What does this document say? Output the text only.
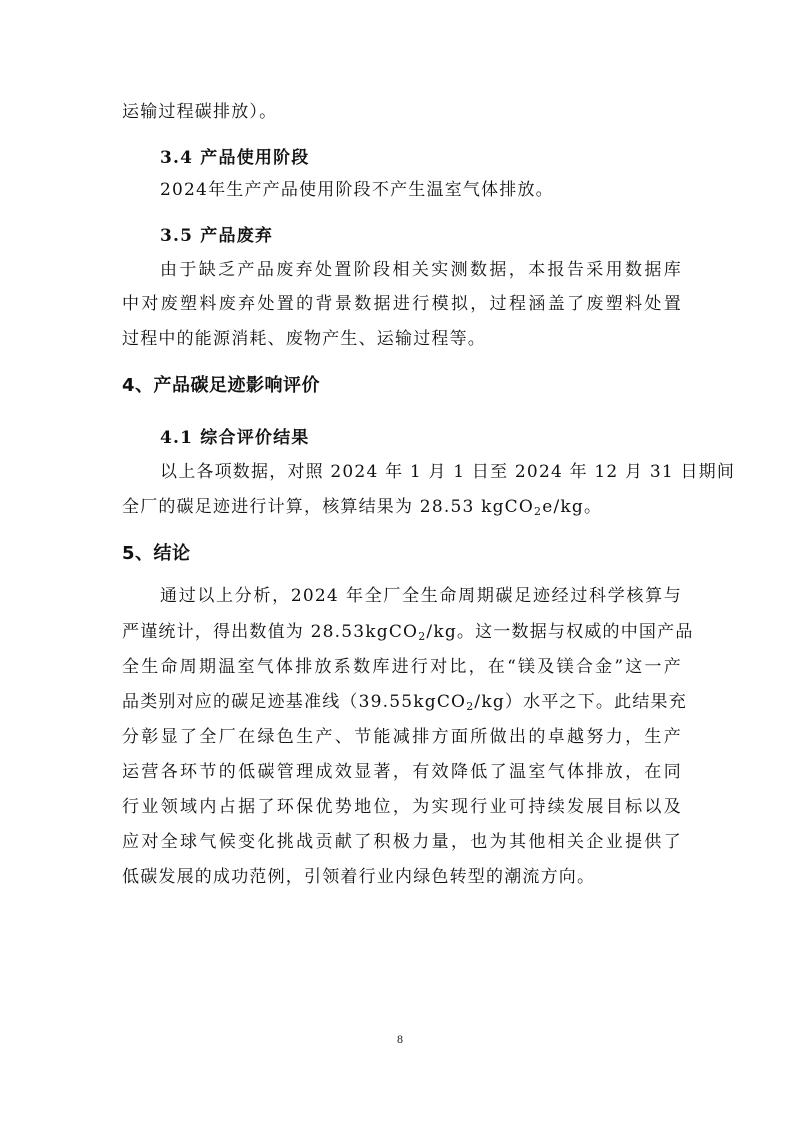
运输过程碳排放）。
3.4 产品使用阶段
2024年生产产品使用阶段不产生温室气体排放。
3.5 产品废弃
由于缺乏产品废弃处置阶段相关实测数据，本报告采用数据库
中对废塑料废弃处置的背景数据进行模拟，过程涵盖了废塑料处置
过程中的能源消耗、废物产生、运输过程等。
4、产品碳足迹影响评价
4.1 综合评价结果
以上各项数据，对照 2024 年 1 月 1 日至 2024 年 12 月 31 日期间
全厂的碳足迹进行计算，核算结果为 28.53 kgCO$_2$e/kg。
5、结论
通过以上分析，2024 年全厂全生命周期碳足迹经过科学核算与
严谨统计，得出数值为 28.53kgCO$_2$/kg。这一数据与权威的中国产品
全生命周期温室气体排放系数库进行对比，在“镁及镁合金”这一产
品类别对应的碳足迹基准线（39.55kgCO$_2$/kg）水平之下。此结果充
分彰显了全厂在绿色生产、节能减排方面所做出的卓越努力，生产
运营各环节的低碳管理成效显著，有效降低了温室气体排放，在同
行业领域内占据了环保优势地位，为实现行业可持续发展目标以及
应对全球气候变化挑战贡献了积极力量，也为其他相关企业提供了
低碳发展的成功范例，引领着行业内绿色转型的潮流方向。
8
